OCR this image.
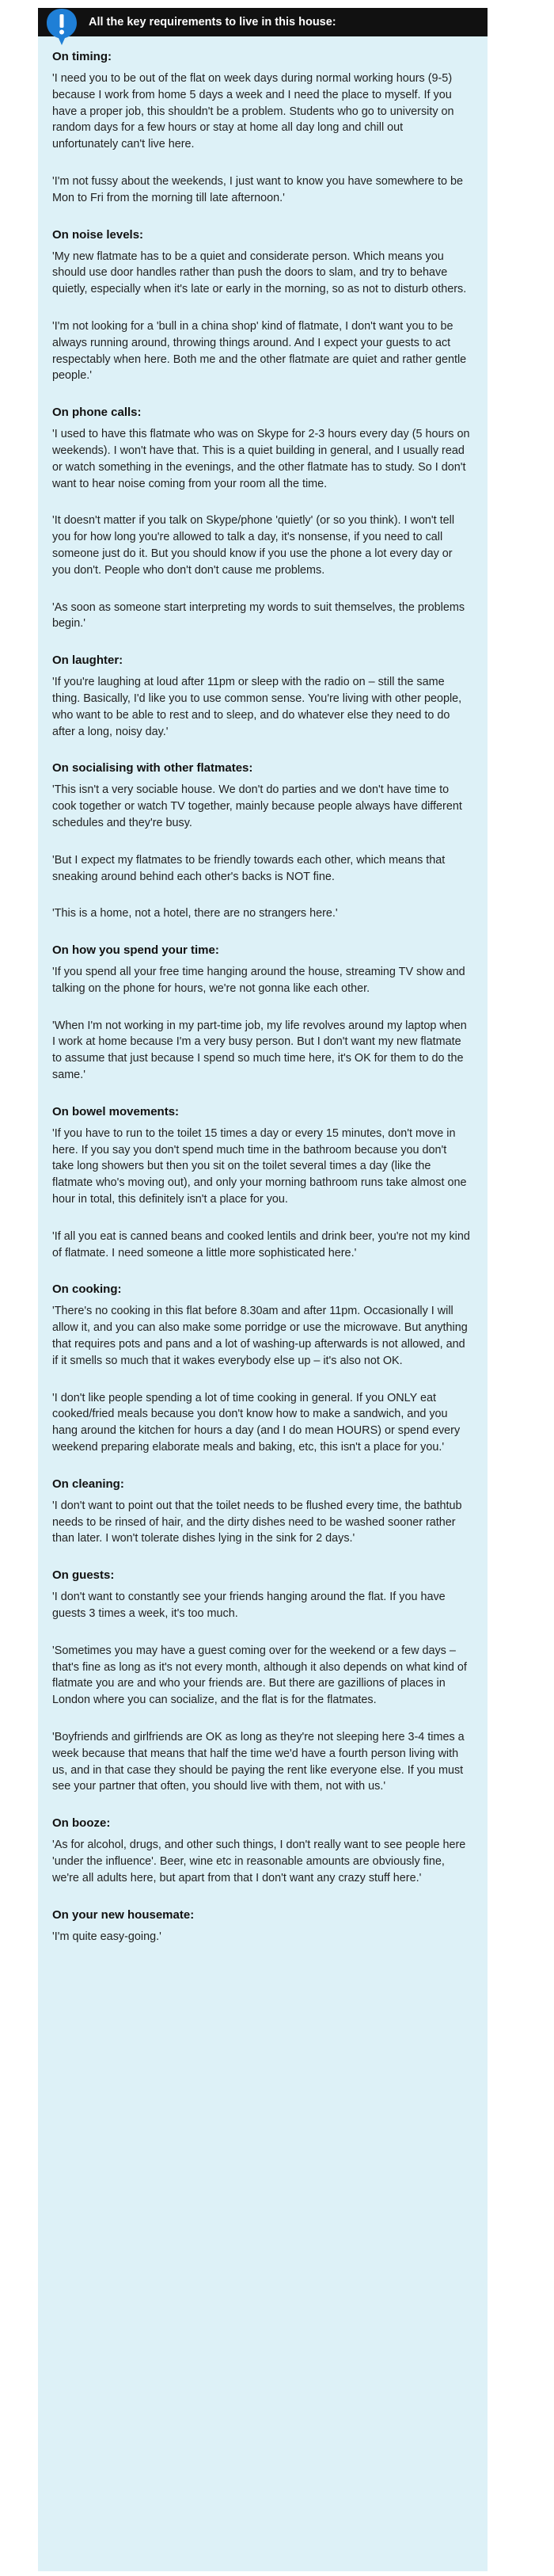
All the key requirements to live in this house:
On timing:

'I need you to be out of the flat on week days during normal working hours (9-5) because I work from home 5 days a week and I need the place to myself. If you have a proper job, this shouldn't be a problem. Students who go to university on random days for a few hours or stay at home all day long and chill out unfortunately can't live here.

'I'm not fussy about the weekends, I just want to know you have somewhere to be Mon to Fri from the morning till late afternoon.'

On noise levels:

'My new flatmate has to be a quiet and considerate person. Which means you should use door handles rather than push the doors to slam, and try to behave quietly, especially when it's late or early in the morning, so as not to disturb others.

'I'm not looking for a 'bull in a china shop' kind of flatmate, I don't want you to be always running around, throwing things around. And I expect your guests to act respectably when here. Both me and the other flatmate are quiet and rather gentle people.'

On phone calls:

'I used to have this flatmate who was on Skype for 2-3 hours every day (5 hours on weekends). I won't have that. This is a quiet building in general, and I usually read or watch something in the evenings, and the other flatmate has to study. So I don't want to hear noise coming from your room all the time.

'It doesn't matter if you talk on Skype/phone 'quietly' (or so you think). I won't tell you for how long you're allowed to talk a day, it's nonsense, if you need to call someone just do it. But you should know if you use the phone a lot every day or you don't. People who don't don't cause me problems.

'As soon as someone start interpreting my words to suit themselves, the problems begin.'

On laughter:

'If you're laughing at loud after 11pm or sleep with the radio on – still the same thing. Basically, I'd like you to use common sense. You're living with other people, who want to be able to rest and to sleep, and do whatever else they need to do after a long, noisy day.'

On socialising with other flatmates:

'This isn't a very sociable house. We don't do parties and we don't have time to cook together or watch TV together, mainly because people always have different schedules and they're busy.

'But I expect my flatmates to be friendly towards each other, which means that sneaking around behind each other's backs is NOT fine.

'This is a home, not a hotel, there are no strangers here.'

On how you spend your time:

'If you spend all your free time hanging around the house, streaming TV show and talking on the phone for hours, we're not gonna like each other.

'When I'm not working in my part-time job, my life revolves around my laptop when I work at home because I'm a very busy person. But I don't want my new flatmate to assume that just because I spend so much time here, it's OK for them to do the same.'

On bowel movements:

'If you have to run to the toilet 15 times a day or every 15 minutes, don't move in here. If you say you don't spend much time in the bathroom because you don't take long showers but then you sit on the toilet several times a day (like the flatmate who's moving out), and only your morning bathroom runs take almost one hour in total, this definitely isn't a place for you.

'If all you eat is canned beans and cooked lentils and drink beer, you're not my kind of flatmate. I need someone a little more sophisticated here.'

On cooking:

'There's no cooking in this flat before 8.30am and after 11pm. Occasionally I will allow it, and you can also make some porridge or use the microwave. But anything that requires pots and pans and a lot of washing-up afterwards is not allowed, and if it smells so much that it wakes everybody else up – it's also not OK.

'I don't like people spending a lot of time cooking in general. If you ONLY eat cooked/fried meals because you don't know how to make a sandwich, and you hang around the kitchen for hours a day (and I do mean HOURS) or spend every weekend preparing elaborate meals and baking, etc, this isn't a place for you.'

On cleaning:

'I don't want to point out that the toilet needs to be flushed every time, the bathtub needs to be rinsed of hair, and the dirty dishes need to be washed sooner rather than later. I won't tolerate dishes lying in the sink for 2 days.'

On guests:

'I don't want to constantly see your friends hanging around the flat. If you have guests 3 times a week, it's too much.

'Sometimes you may have a guest coming over for the weekend or a few days – that's fine as long as it's not every month, although it also depends on what kind of flatmate you are and who your friends are. But there are gazillions of places in London where you can socialize, and the flat is for the flatmates.

'Boyfriends and girlfriends are OK as long as they're not sleeping here 3-4 times a week because that means that half the time we'd have a fourth person living with us, and in that case they should be paying the rent like everyone else. If you must see your partner that often, you should live with them, not with us.'

On booze:

'As for alcohol, drugs, and other such things, I don't really want to see people here 'under the influence'. Beer, wine etc in reasonable amounts are obviously fine, we're all adults here, but apart from that I don't want any crazy stuff here.'

On your new housemate:

'I'm quite easy-going.'
